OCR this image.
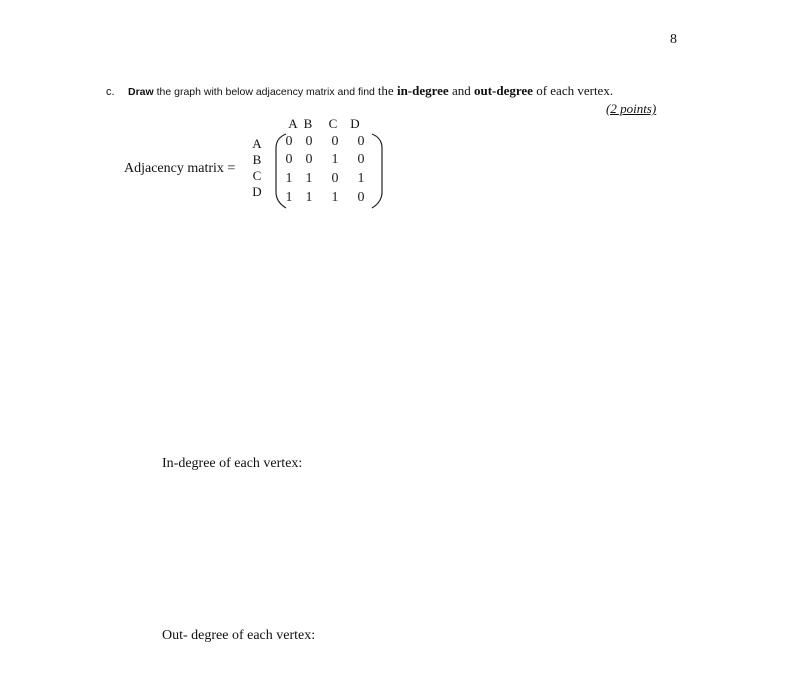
8
c. Draw the graph with below adjacency matrix and find the in-degree and out-degree of each vertex.
(2 points)
Adjacency matrix =
A B C D
A
B
C
D
0 0 0 0
0 0 1 0
1 1 0 1
1 1 1 0
In-degree of each vertex:
Out- degree of each vertex:
